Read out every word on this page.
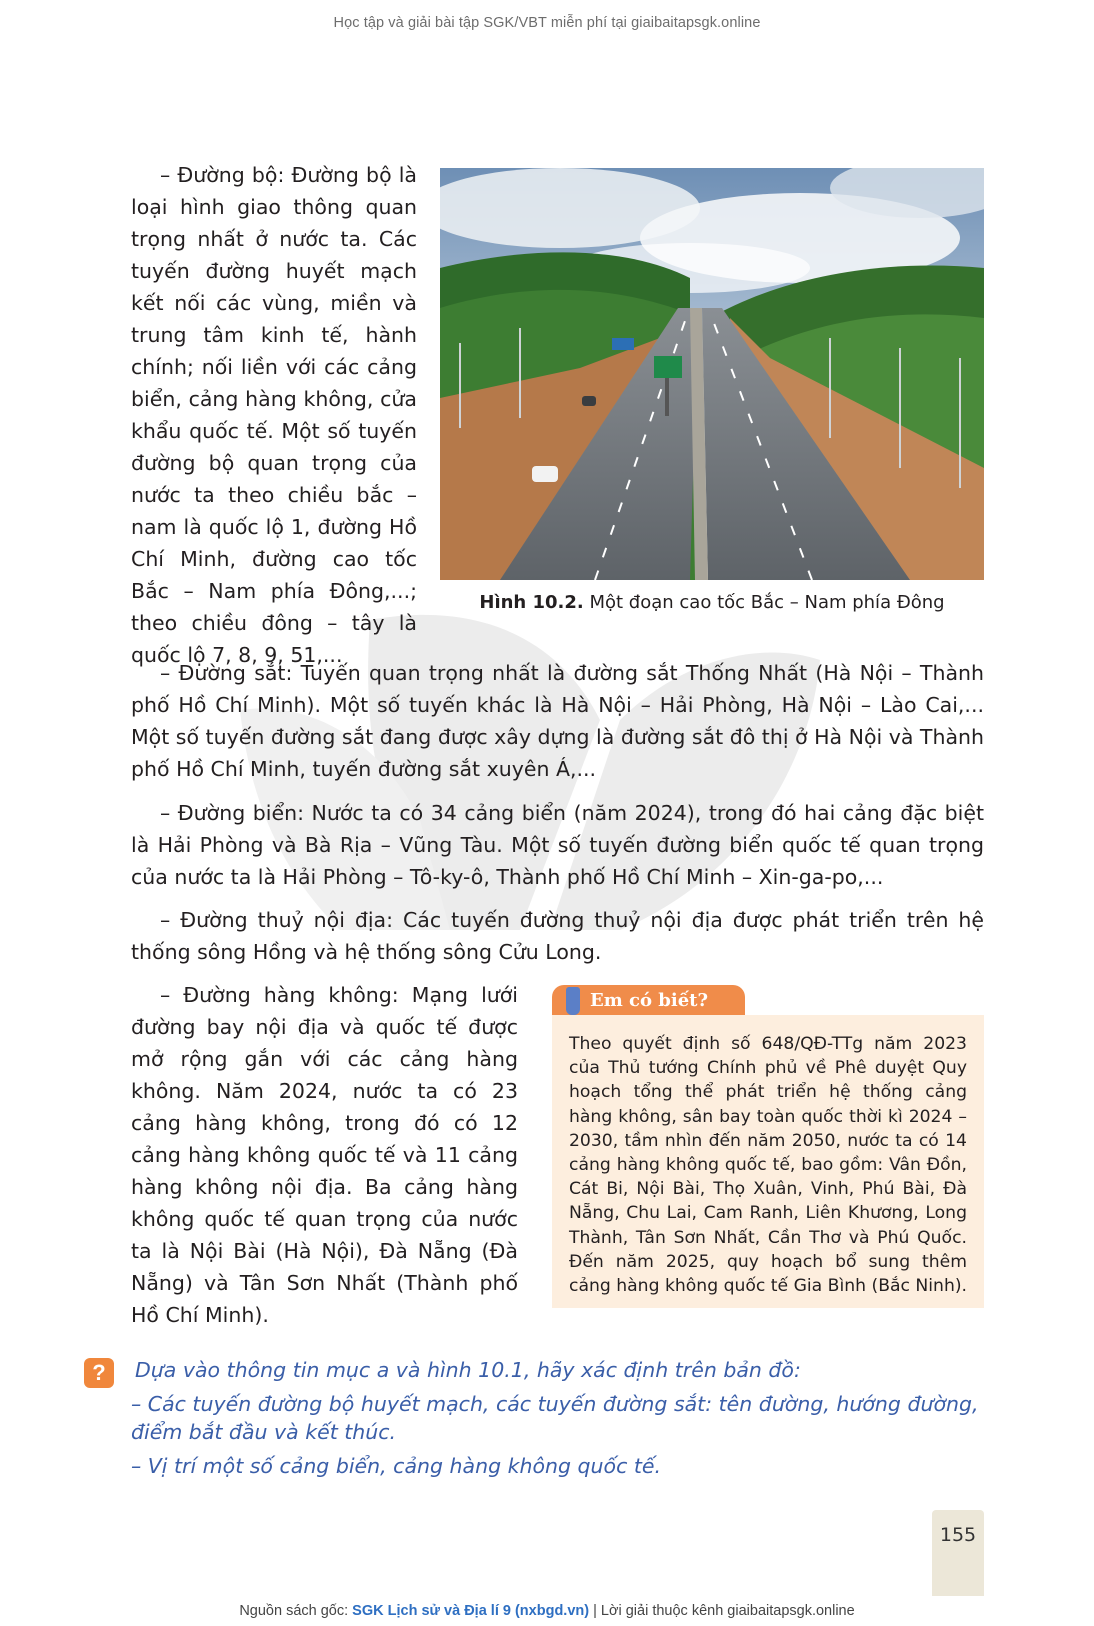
Học tập và giải bài tập SGK/VBT miễn phí tại giaibaitapsgk.online

– Đường bộ: Đường bộ là loại hình giao thông quan trọng nhất ở nước ta. Các tuyến đường huyết mạch kết nối các vùng, miền và trung tâm kinh tế, hành chính; nối liền với các cảng biển, cảng hàng không, cửa khẩu quốc tế. Một số tuyến đường bộ quan trọng của nước ta theo chiều bắc – nam là quốc lộ 1, đường Hồ Chí Minh, đường cao tốc Bắc – Nam phía Đông,...; theo chiều đông – tây là quốc lộ 7, 8, 9, 51,...

Hình 10.2. Một đoạn cao tốc Bắc – Nam phía Đông

– Đường sắt: Tuyến quan trọng nhất là đường sắt Thống Nhất (Hà Nội – Thành phố Hồ Chí Minh). Một số tuyến khác là Hà Nội – Hải Phòng, Hà Nội – Lào Cai,... Một số tuyến đường sắt đang được xây dựng là đường sắt đô thị ở Hà Nội và Thành phố Hồ Chí Minh, tuyến đường sắt xuyên Á,...

– Đường biển: Nước ta có 34 cảng biển (năm 2024), trong đó hai cảng đặc biệt là Hải Phòng và Bà Rịa – Vũng Tàu. Một số tuyến đường biển quốc tế quan trọng của nước ta là Hải Phòng – Tô-ky-ô, Thành phố Hồ Chí Minh – Xin-ga-po,...

– Đường thuỷ nội địa: Các tuyến đường thuỷ nội địa được phát triển trên hệ thống sông Hồng và hệ thống sông Cửu Long.

– Đường hàng không: Mạng lưới đường bay nội địa và quốc tế được mở rộng gắn với các cảng hàng không. Năm 2024, nước ta có 23 cảng hàng không, trong đó có 12 cảng hàng không quốc tế và 11 cảng hàng không nội địa. Ba cảng hàng không quốc tế quan trọng của nước ta là Nội Bài (Hà Nội), Đà Nẵng (Đà Nẵng) và Tân Sơn Nhất (Thành phố Hồ Chí Minh).

Em có biết?

Theo quyết định số 648/QĐ-TTg năm 2023 của Thủ tướng Chính phủ về Phê duyệt Quy hoạch tổng thể phát triển hệ thống cảng hàng không, sân bay toàn quốc thời kì 2024 – 2030, tầm nhìn đến năm 2050, nước ta có 14 cảng hàng không quốc tế, bao gồm: Vân Đồn, Cát Bi, Nội Bài, Thọ Xuân, Vinh, Phú Bài, Đà Nẵng, Chu Lai, Cam Ranh, Liên Khương, Long Thành, Tân Sơn Nhất, Cần Thơ và Phú Quốc. Đến năm 2025, quy hoạch bổ sung thêm cảng hàng không quốc tế Gia Bình (Bắc Ninh).

?	Dựa vào thông tin mục a và hình 10.1, hãy xác định trên bản đồ:

– Các tuyến đường bộ huyết mạch, các tuyến đường sắt: tên đường, hướng đường, điểm bắt đầu và kết thúc.

– Vị trí một số cảng biển, cảng hàng không quốc tế.

155
Nguồn sách gốc: SGK Lịch sử và Địa lí 9 (nxbgd.vn) | Lời giải thuộc kênh giaibaitapsgk.online
